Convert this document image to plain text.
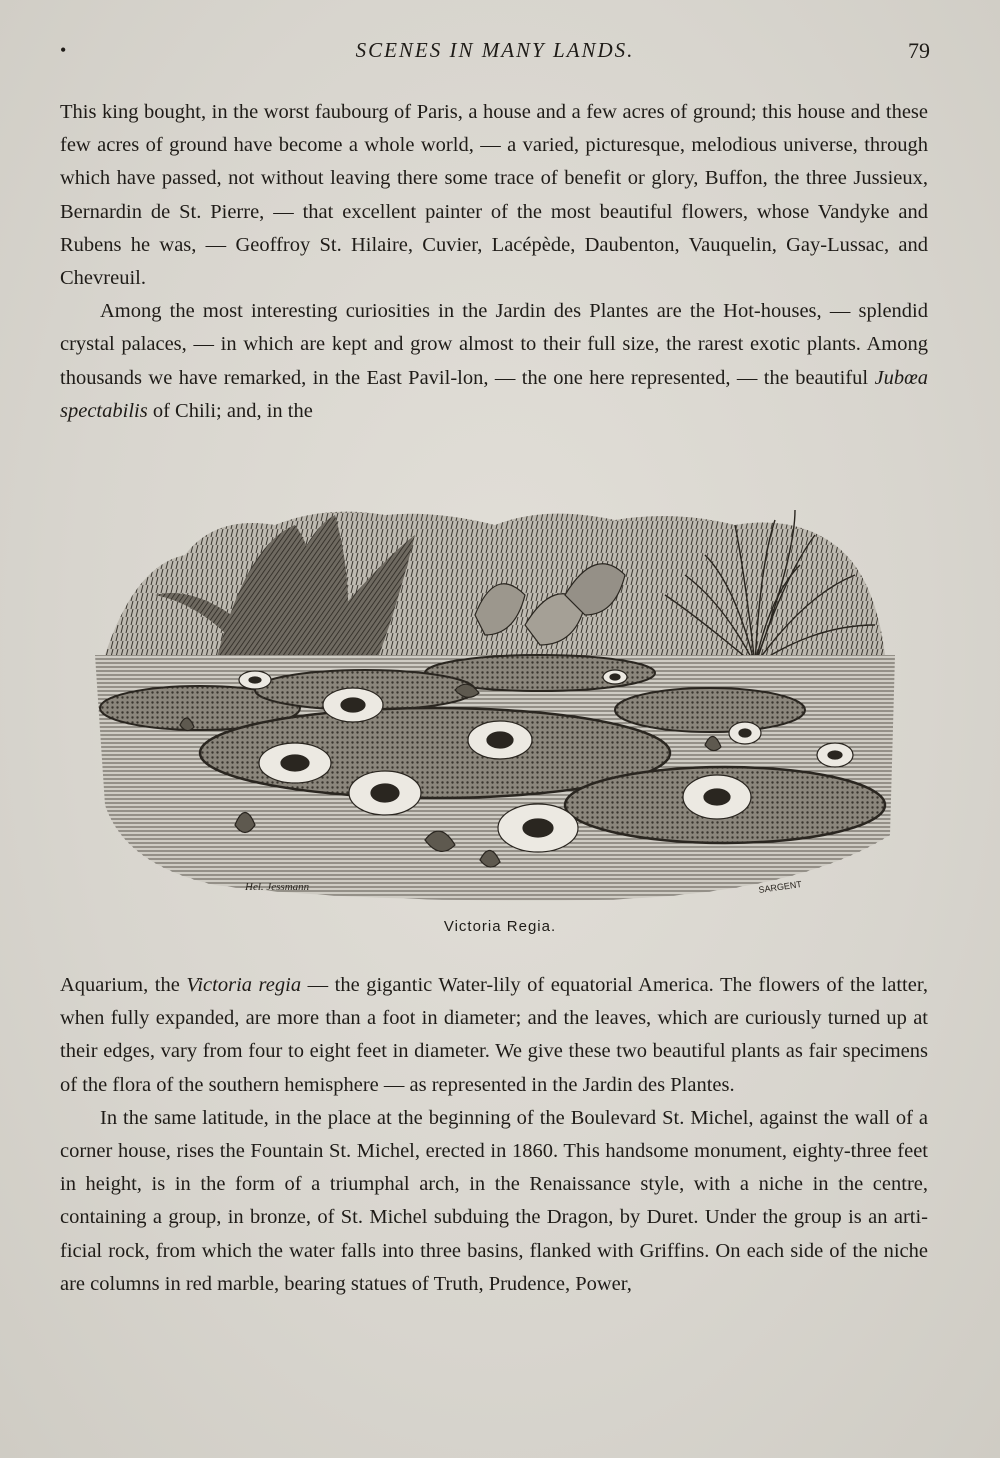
•	SCENES IN MANY LANDS.	79

This king bought, in the worst faubourg of Paris, a house and a few acres of ground; this house and these few acres of ground have become a whole world, — a varied, picturesque, melodious universe, through which have passed, not without leaving there some trace of benefit or glory, Buffon, the three Jussieux, Bernardin de St. Pierre, — that excellent painter of the most beautiful flowers, whose Vandyke and Rubens he was, — Geoffroy St. Hilaire, Cuvier, Lacépède, Daubenton, Vauquelin, Gay-Lussac, and Chevreuil.

Among the most interesting curiosities in the Jardin des Plantes are the Hot-houses, — splendid crystal palaces, — in which are kept and grow almost to their full size, the rarest exotic plants. Among thousands we have remarked, in the East Pavil-lon, — the one here represented, — the beautiful Jubœa spectabilis of Chili; and, in the

Hel. Jessmann	SARGENT
Victoria Regia.

Aquarium, the Victoria regia — the gigantic Water-lily of equatorial America. The flowers of the latter, when fully expanded, are more than a foot in diameter; and the leaves, which are curiously turned up at their edges, vary from four to eight feet in diameter. We give these two beautiful plants as fair specimens of the flora of the southern hemisphere — as represented in the Jardin des Plantes.

In the same latitude, in the place at the beginning of the Boulevard St. Michel, against the wall of a corner house, rises the Fountain St. Michel, erected in 1860. This handsome monument, eighty-three feet in height, is in the form of a triumphal arch, in the Renaissance style, with a niche in the centre, containing a group, in bronze, of St. Michel subduing the Dragon, by Duret. Under the group is an arti-ficial rock, from which the water falls into three basins, flanked with Griffins. On each side of the niche are columns in red marble, bearing statues of Truth, Prudence, Power,
